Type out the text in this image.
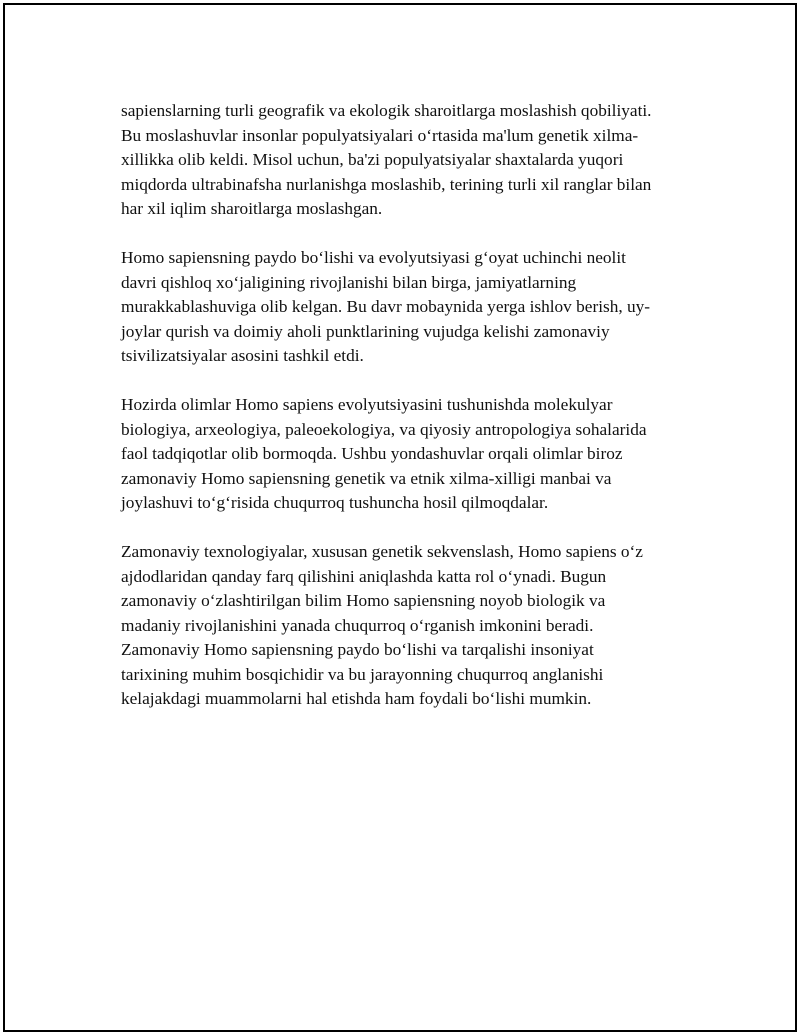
sapienslarning turli geografik va ekologik sharoitlarga moslashish qobiliyati.
Bu moslashuvlar insonlar populyatsiyalari o‘rtasida ma'lum genetik xilma-
xillikka olib keldi. Misol uchun, ba'zi populyatsiyalar shaxtalarda yuqori
miqdorda ultrabinafsha nurlanishga moslashib, terining turli xil ranglar bilan
har xil iqlim sharoitlarga moslashgan.

Homo sapiensning paydo bo‘lishi va evolyutsiyasi g‘oyat uchinchi neolit
davri qishloq xo‘jaligining rivojlanishi bilan birga, jamiyatlarning
murakkablashuviga olib kelgan. Bu davr mobaynida yerga ishlov berish, uy-
joylar qurish va doimiy aholi punktlarining vujudga kelishi zamonaviy
tsivilizatsiyalar asosini tashkil etdi.

Hozirda olimlar Homo sapiens evolyutsiyasini tushunishda molekulyar
biologiya, arxeologiya, paleoekologiya, va qiyosiy antropologiya sohalarida
faol tadqiqotlar olib bormoqda. Ushbu yondashuvlar orqali olimlar biroz
zamonaviy Homo sapiensning genetik va etnik xilma-xilligi manbai va
joylashuvi to‘g‘risida chuqurroq tushuncha hosil qilmoqdalar.

Zamonaviy texnologiyalar, xususan genetik sekvenslash, Homo sapiens o‘z
ajdodlaridan qanday farq qilishini aniqlashda katta rol o‘ynadi. Bugun
zamonaviy o‘zlashtirilgan bilim Homo sapiensning noyob biologik va
madaniy rivojlanishini yanada chuqurroq o‘rganish imkonini beradi.
Zamonaviy Homo sapiensning paydo bo‘lishi va tarqalishi insoniyat
tarixining muhim bosqichidir va bu jarayonning chuqurroq anglanishi
kelajakdagi muammolarni hal etishda ham foydali bo‘lishi mumkin.
